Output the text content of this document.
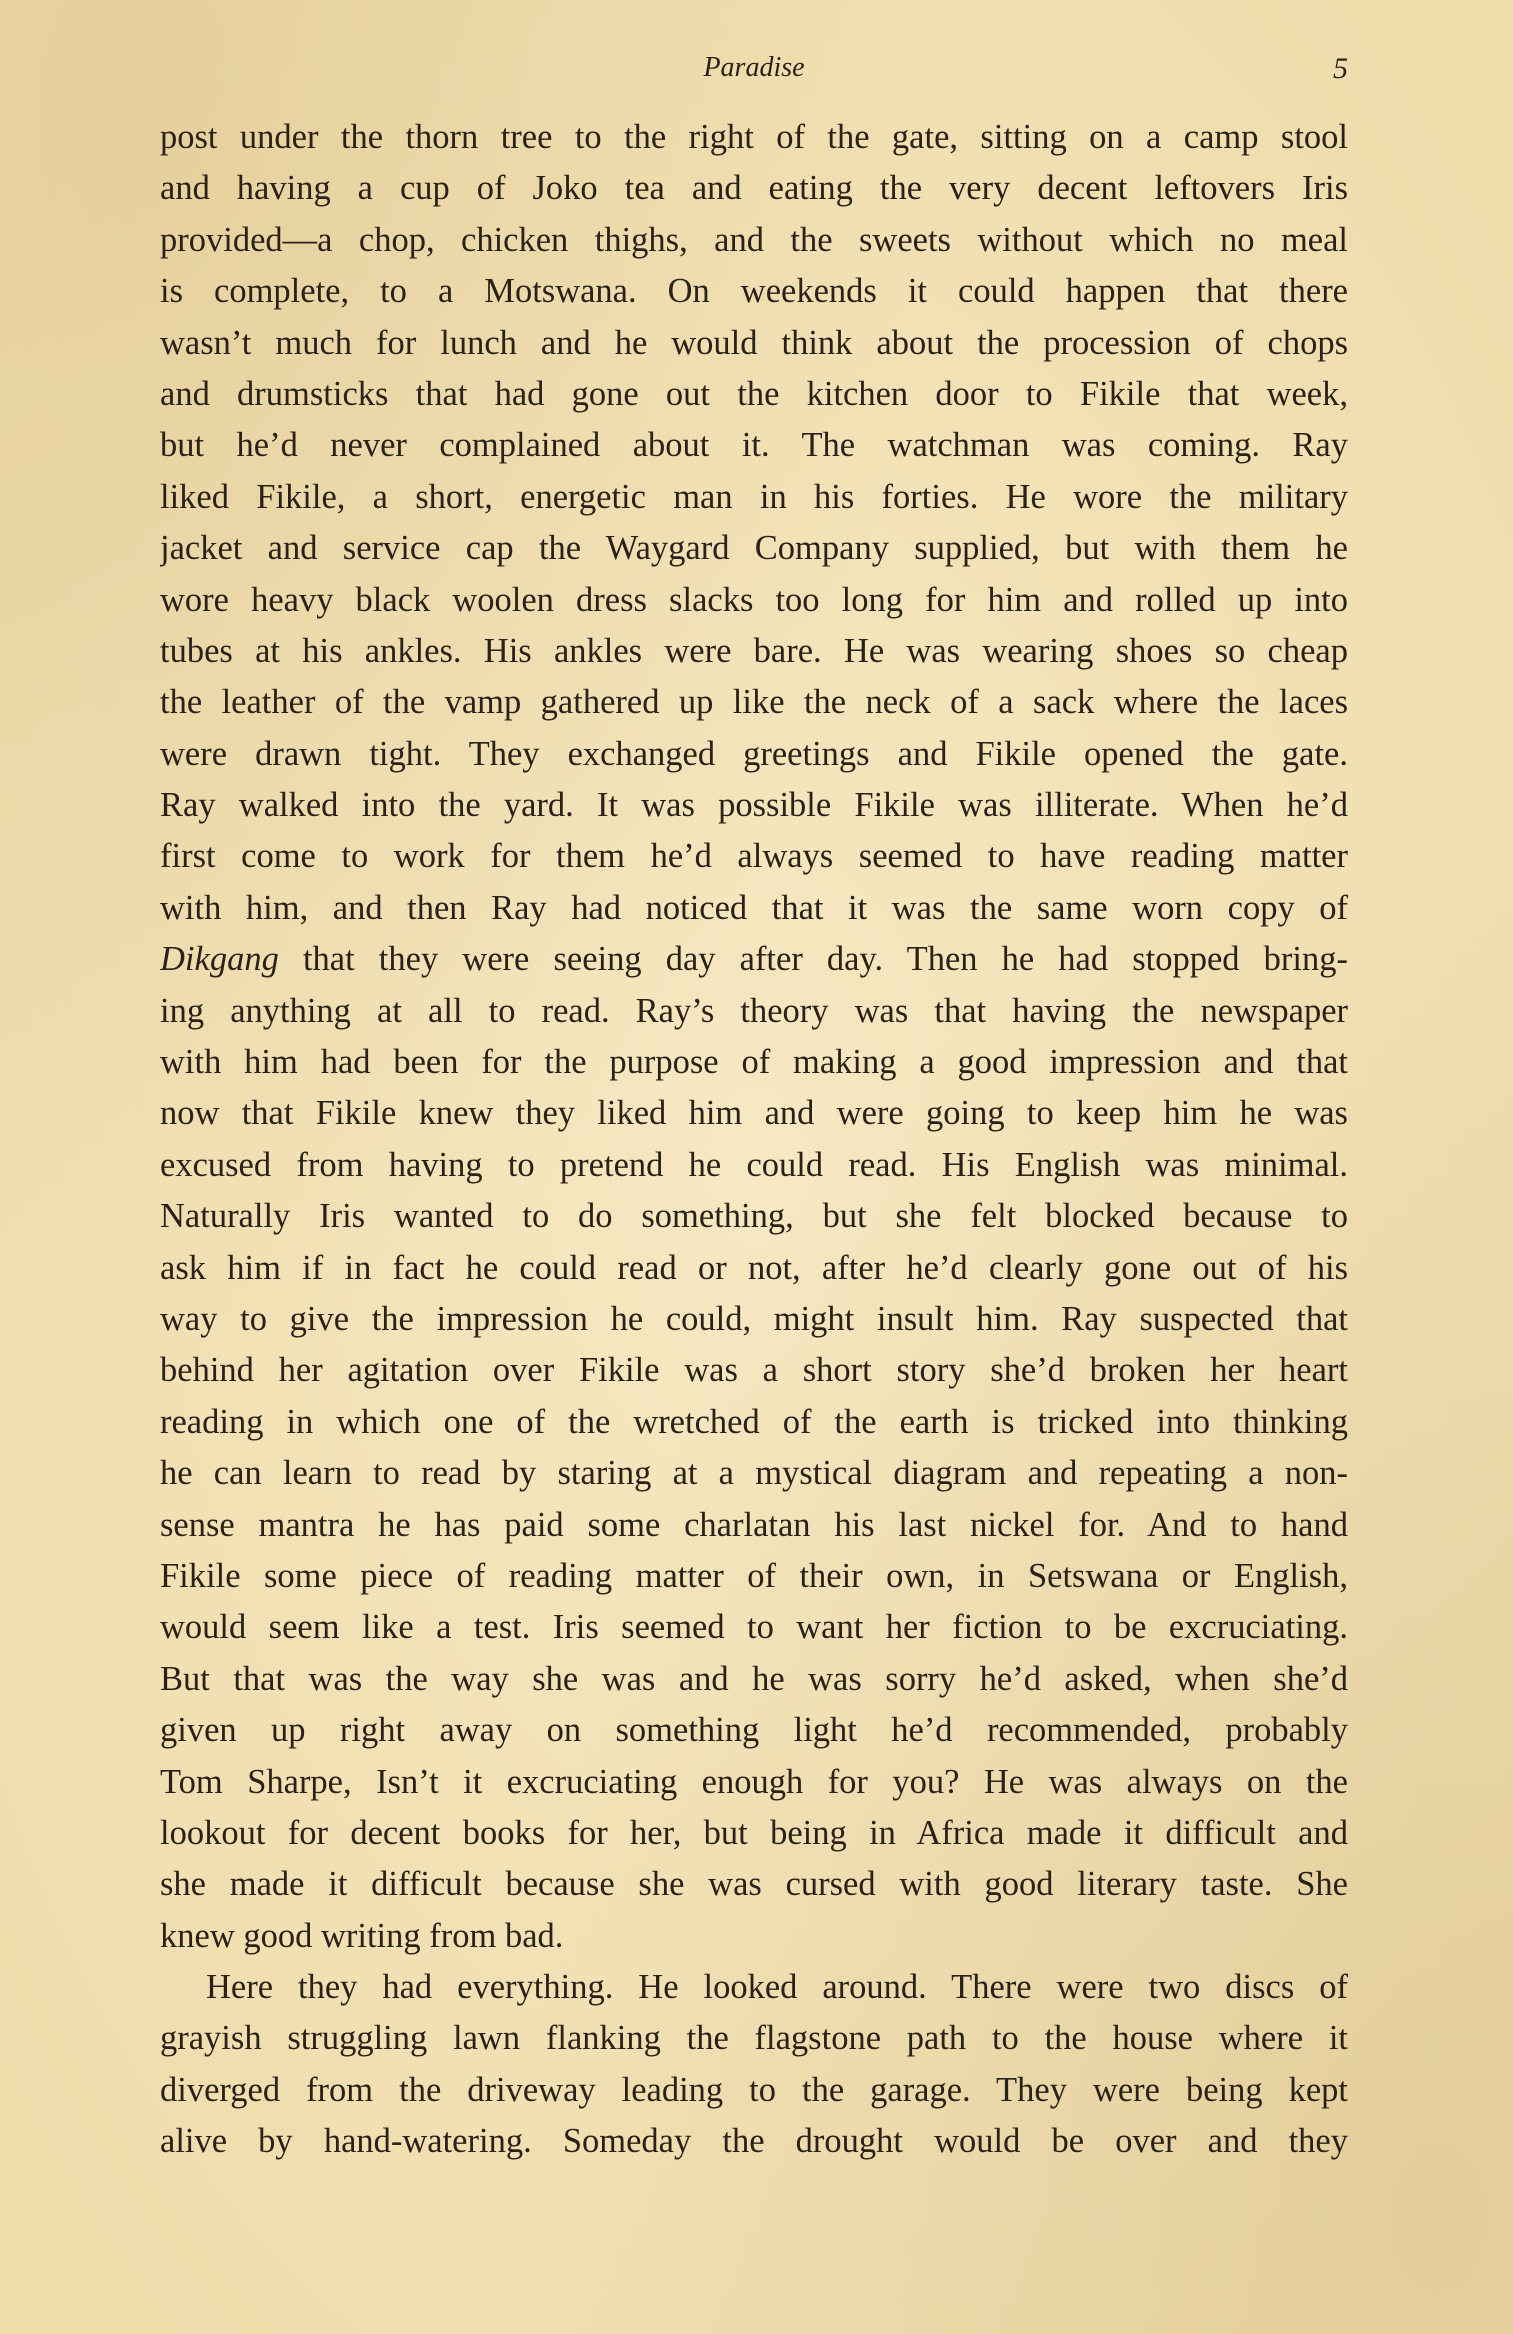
Paradise	5
post under the thorn tree to the right of the gate, sitting on a camp stool
and having a cup of Joko tea and eating the very decent leftovers Iris
provided—a chop, chicken thighs, and the sweets without which no meal
is complete, to a Motswana. On weekends it could happen that there
wasn’t much for lunch and he would think about the procession of chops
and drumsticks that had gone out the kitchen door to Fikile that week,
but he’d never complained about it. The watchman was coming. Ray
liked Fikile, a short, energetic man in his forties. He wore the military
jacket and service cap the Waygard Company supplied, but with them he
wore heavy black woolen dress slacks too long for him and rolled up into
tubes at his ankles. His ankles were bare. He was wearing shoes so cheap
the leather of the vamp gathered up like the neck of a sack where the laces
were drawn tight. They exchanged greetings and Fikile opened the gate.
Ray walked into the yard. It was possible Fikile was illiterate. When he’d
first come to work for them he’d always seemed to have reading matter
with him, and then Ray had noticed that it was the same worn copy of
Dikgang that they were seeing day after day. Then he had stopped bring-
ing anything at all to read. Ray’s theory was that having the newspaper
with him had been for the purpose of making a good impression and that
now that Fikile knew they liked him and were going to keep him he was
excused from having to pretend he could read. His English was minimal.
Naturally Iris wanted to do something, but she felt blocked because to
ask him if in fact he could read or not, after he’d clearly gone out of his
way to give the impression he could, might insult him. Ray suspected that
behind her agitation over Fikile was a short story she’d broken her heart
reading in which one of the wretched of the earth is tricked into thinking
he can learn to read by staring at a mystical diagram and repeating a non-
sense mantra he has paid some charlatan his last nickel for. And to hand
Fikile some piece of reading matter of their own, in Setswana or English,
would seem like a test. Iris seemed to want her fiction to be excruciating.
But that was the way she was and he was sorry he’d asked, when she’d
given up right away on something light he’d recommended, probably
Tom Sharpe, Isn’t it excruciating enough for you? He was always on the
lookout for decent books for her, but being in Africa made it difficult and
she made it difficult because she was cursed with good literary taste. She
knew good writing from bad.
Here they had everything. He looked around. There were two discs of
grayish struggling lawn flanking the flagstone path to the house where it
diverged from the driveway leading to the garage. They were being kept
alive by hand-watering. Someday the drought would be over and they
